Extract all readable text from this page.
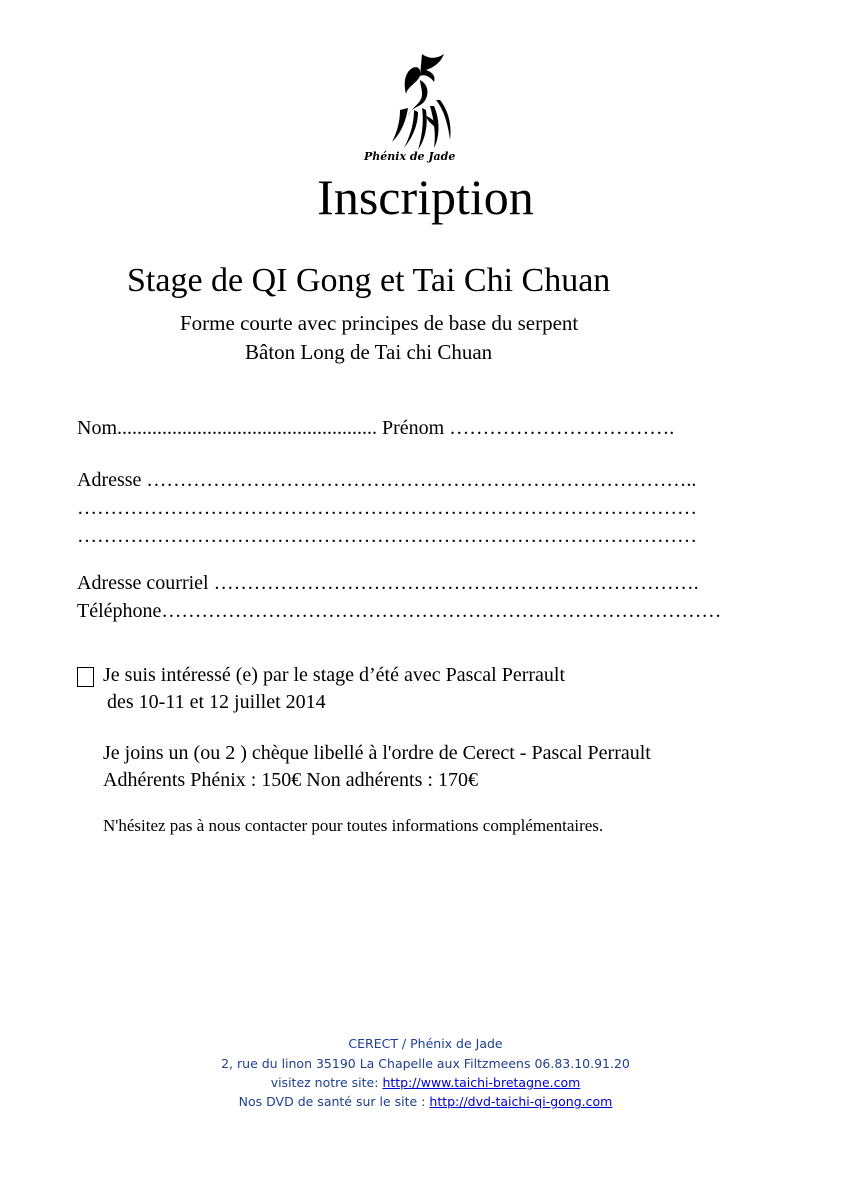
Phénix de Jade
Inscription
Stage de QI Gong et Tai Chi Chuan
Forme courte avec principes de base du serpent
Bâton Long de Tai chi Chuan
Nom.................................................... Prénom …………………………….
Adresse ………………………………………………………………………..
…………………………………………………………………………………
…………………………………………………………………………………
Adresse courriel ……………………………………………………………….
Téléphone…………………………………………………………………………
Je suis intéressé (e) par le stage d’été avec Pascal Perrault
des 10-11 et 12 juillet 2014
Je joins un (ou 2 ) chèque libellé à l'ordre de Cerect - Pascal Perrault
Adhérents Phénix : 150€ Non adhérents : 170€
N'hésitez pas à nous contacter pour toutes informations complémentaires.
CERECT / Phénix de Jade
2, rue du linon 35190 La Chapelle aux Filtzmeens 06.83.10.91.20
visitez notre site: http://www.taichi-bretagne.com
Nos DVD de santé sur le site : http://dvd-taichi-qi-gong.com
